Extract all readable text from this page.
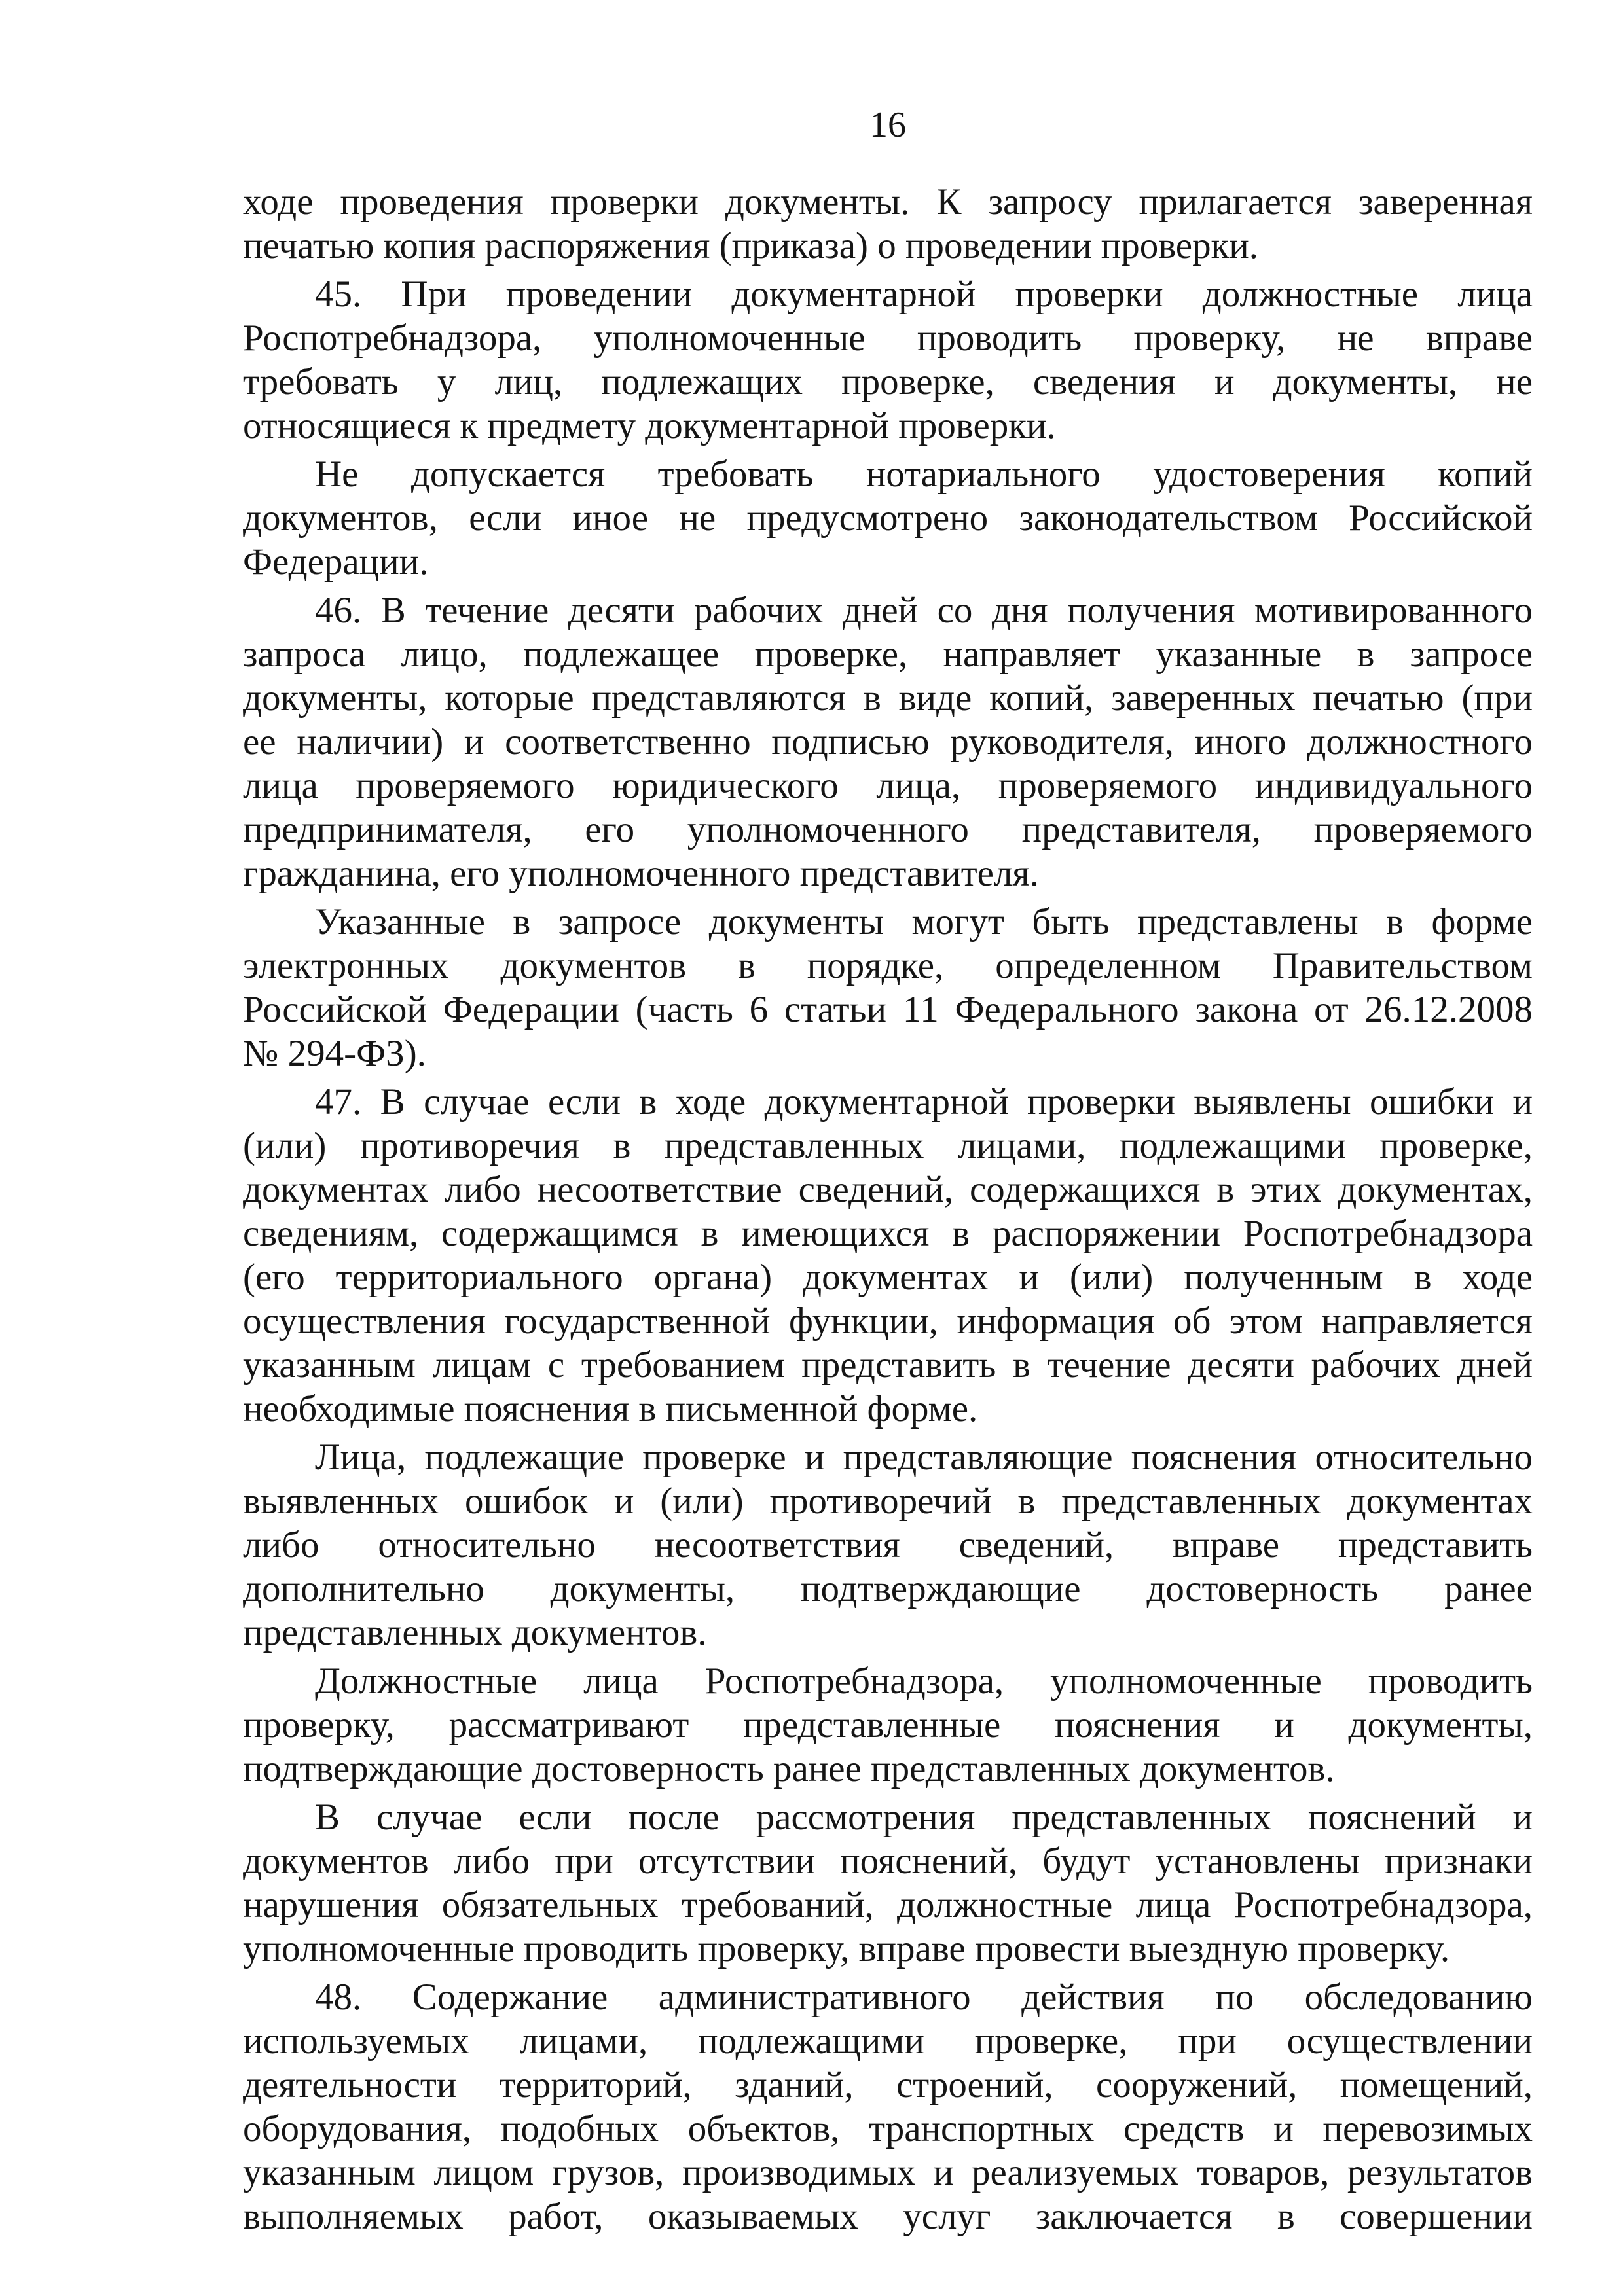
16
ходе проведения проверки документы. К запросу прилагается заверенная
печатью копия распоряжения (приказа) о проведении проверки.
45. При проведении документарной проверки должностные лица
Роспотребнадзора, уполномоченные проводить проверку, не вправе
требовать у лиц, подлежащих проверке, сведения и документы, не
относящиеся к предмету документарной проверки.
Не допускается требовать нотариального удостоверения копий
документов, если иное не предусмотрено законодательством Российской
Федерации.
46. В течение десяти рабочих дней со дня получения мотивированного
запроса лицо, подлежащее проверке, направляет указанные в запросе
документы, которые представляются в виде копий, заверенных печатью (при
ее наличии) и соответственно подписью руководителя, иного должностного
лица проверяемого юридического лица, проверяемого индивидуального
предпринимателя, его уполномоченного представителя, проверяемого
гражданина, его уполномоченного представителя.
Указанные в запросе документы могут быть представлены в форме
электронных документов в порядке, определенном Правительством
Российской Федерации (часть 6 статьи 11 Федерального закона от 26.12.2008
№ 294-ФЗ).
47. В случае если в ходе документарной проверки выявлены ошибки и
(или) противоречия в представленных лицами, подлежащими проверке,
документах либо несоответствие сведений, содержащихся в этих документах,
сведениям, содержащимся в имеющихся в распоряжении Роспотребнадзора
(его территориального органа) документах и (или) полученным в ходе
осуществления государственной функции, информация об этом направляется
указанным лицам с требованием представить в течение десяти рабочих дней
необходимые пояснения в письменной форме.
Лица, подлежащие проверке и представляющие пояснения относительно
выявленных ошибок и (или) противоречий в представленных документах
либо относительно несоответствия сведений, вправе представить
дополнительно документы, подтверждающие достоверность ранее
представленных документов.
Должностные лица Роспотребнадзора, уполномоченные проводить
проверку, рассматривают представленные пояснения и документы,
подтверждающие достоверность ранее представленных документов.
В случае если после рассмотрения представленных пояснений и
документов либо при отсутствии пояснений, будут установлены признаки
нарушения обязательных требований, должностные лица Роспотребнадзора,
уполномоченные проводить проверку, вправе провести выездную проверку.
48. Содержание административного действия по обследованию
используемых лицами, подлежащими проверке, при осуществлении
деятельности территорий, зданий, строений, сооружений, помещений,
оборудования, подобных объектов, транспортных средств и перевозимых
указанным лицом грузов, производимых и реализуемых товаров, результатов
выполняемых работ, оказываемых услуг заключается в совершении
